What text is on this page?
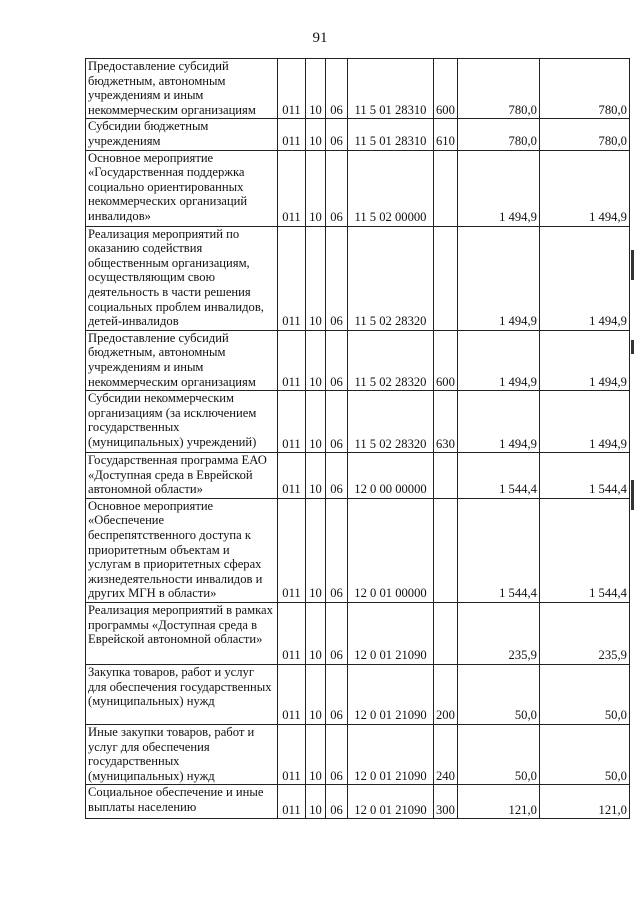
91
Предоставление субсидий бюджетным, автономным учреждениям и иным некоммерческим организациям	011	10	06	11 5 01 28310	600	780,0	780,0
Субсидии бюджетным учреждениям	011	10	06	11 5 01 28310	610	780,0	780,0
Основное мероприятие «Государственная поддержка социально ориентированных некоммерческих организаций инвалидов»	011	10	06	11 5 02 00000		1 494,9	1 494,9
Реализация мероприятий по оказанию содействия общественным организациям, осуществляющим свою деятельность в части решения социальных проблем инвалидов, детей-инвалидов	011	10	06	11 5 02 28320		1 494,9	1 494,9
Предоставление субсидий бюджетным, автономным учреждениям и иным некоммерческим организациям	011	10	06	11 5 02 28320	600	1 494,9	1 494,9
Субсидии некоммерческим организациям (за исключением государственных (муниципальных) учреждений)	011	10	06	11 5 02 28320	630	1 494,9	1 494,9
Государственная программа ЕАО «Доступная среда в Еврейской автономной области»	011	10	06	12 0 00 00000		1 544,4	1 544,4
Основное мероприятие «Обеспечение беспрепятственного доступа к приоритетным объектам и услугам в приоритетных сферах жизнедеятельности инвалидов и других МГН в области»	011	10	06	12 0 01 00000		1 544,4	1 544,4
Реализация мероприятий в рамках программы «Доступная среда в Еврейской автономной области»	011	10	06	12 0 01 21090		235,9	235,9
Закупка товаров, работ и услуг для обеспечения государственных (муниципальных) нужд	011	10	06	12 0 01 21090	200	50,0	50,0
Иные закупки товаров, работ и услуг для обеспечения государственных (муниципальных) нужд	011	10	06	12 0 01 21090	240	50,0	50,0
Социальное обеспечение и иные выплаты населению	011	10	06	12 0 01 21090	300	121,0	121,0
